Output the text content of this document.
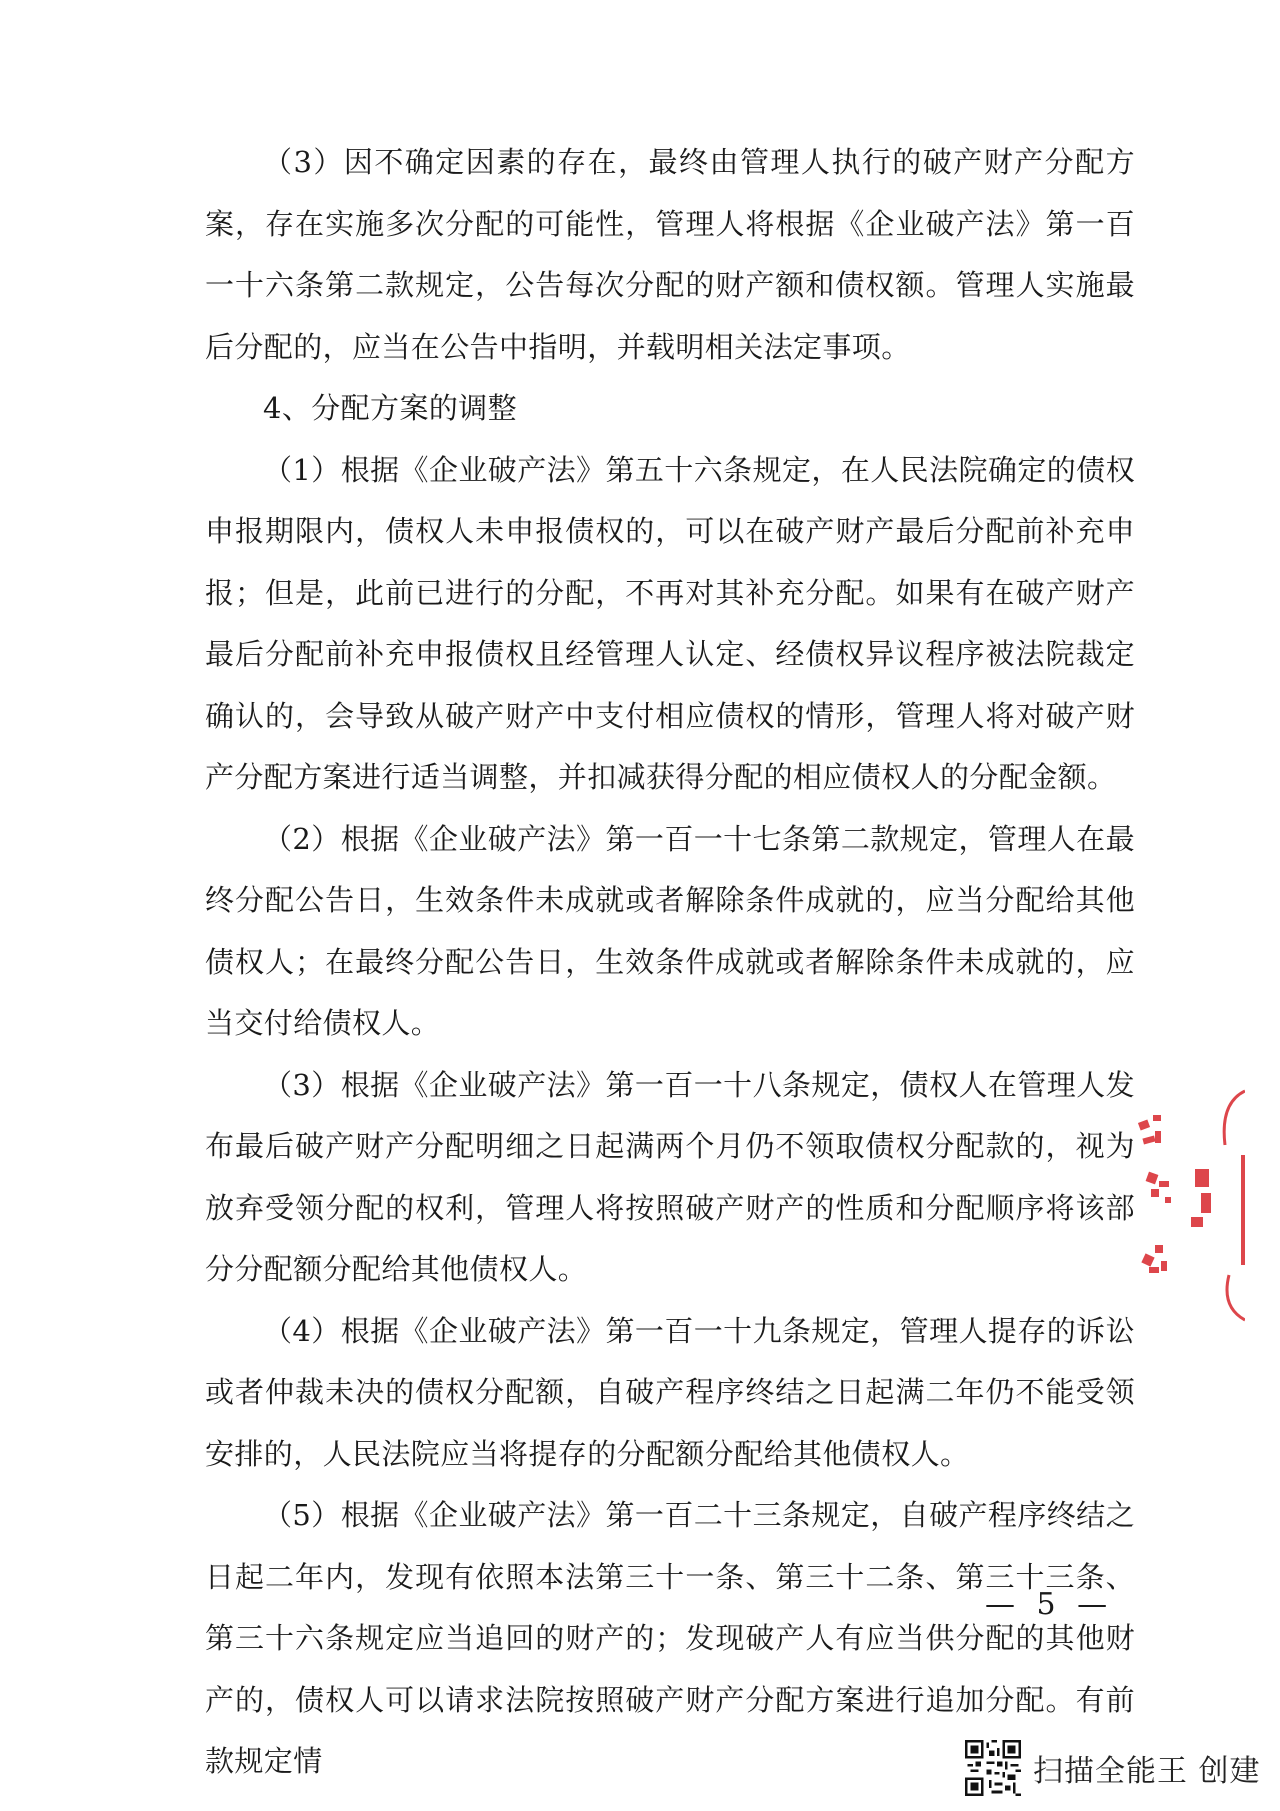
（3）因不确定因素的存在，最终由管理人执行的破产财产分配方案，存在实施多次分配的可能性，管理人将根据《企业破产法》第一百一十六条第二款规定，公告每次分配的财产额和债权额。管理人实施最后分配的，应当在公告中指明，并载明相关法定事项。

4、分配方案的调整

（1）根据《企业破产法》第五十六条规定，在人民法院确定的债权申报期限内，债权人未申报债权的，可以在破产财产最后分配前补充申报；但是，此前已进行的分配，不再对其补充分配。如果有在破产财产最后分配前补充申报债权且经管理人认定、经债权异议程序被法院裁定确认的，会导致从破产财产中支付相应债权的情形，管理人将对破产财产分配方案进行适当调整，并扣减获得分配的相应债权人的分配金额。

（2）根据《企业破产法》第一百一十七条第二款规定，管理人在最终分配公告日，生效条件未成就或者解除条件成就的，应当分配给其他债权人；在最终分配公告日，生效条件成就或者解除条件未成就的，应当交付给债权人。

（3）根据《企业破产法》第一百一十八条规定，债权人在管理人发布最后破产财产分配明细之日起满两个月仍不领取债权分配款的，视为放弃受领分配的权利，管理人将按照破产财产的性质和分配顺序将该部分分配额分配给其他债权人。

（4）根据《企业破产法》第一百一十九条规定，管理人提存的诉讼或者仲裁未决的债权分配额，自破产程序终结之日起满二年仍不能受领安排的，人民法院应当将提存的分配额分配给其他债权人。

（5）根据《企业破产法》第一百二十三条规定，自破产程序终结之日起二年内，发现有依照本法第三十一条、第三十二条、第三十三条、第三十六条规定应当追回的财产的；发现破产人有应当供分配的其他财产的，债权人可以请求法院按照破产财产分配方案进行追加分配。有前款规定情

— 5 —
扫描全能王 创建
